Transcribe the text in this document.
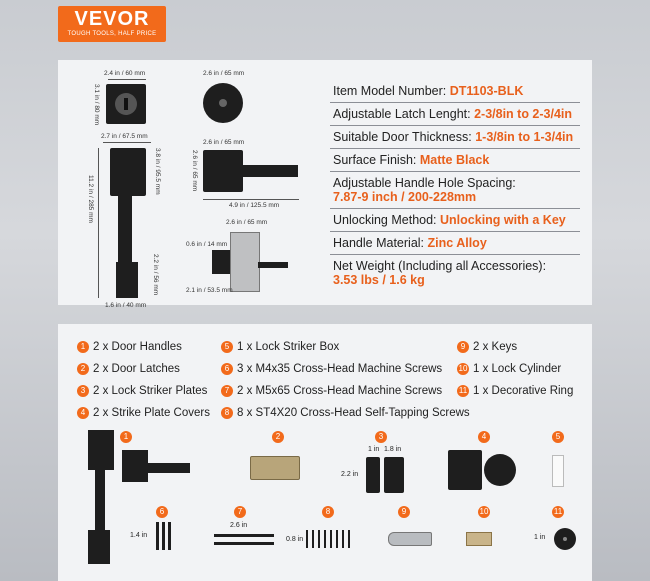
VEVOR
TOUGH TOOLS, HALF PRICE
2.4 in / 60 mm
3.1 in / 80 mm
2.6 in / 65 mm
2.7 in / 67.5 mm
3.8 in / 95.5 mm
11.2 in / 285 mm
2.2 in / 56 mm
1.6 in / 40 mm
2.6 in / 65 mm
2.6 in / 65 mm
4.9 in / 125.5 mm
2.6 in / 65 mm
0.6 in / 14 mm
2.1 in / 53.5 mm
Item Model Number: DT1103-BLK
Adjustable Latch Lenght: 2-3/8in to 2-3/4in
Suitable Door Thickness: 1-3/8in to 1-3/4in
Surface Finish: Matte Black
Adjustable Handle Hole Spacing:
7.87-9 inch / 200-228mm
Unlocking Method: Unlocking with a Key
Handle Material: Zinc Alloy
Net Weight (Including all Accessories):
3.53 lbs / 1.6 kg
1 2 x Door Handles
2 2 x Door Latches
3 2 x Lock Striker Plates
4 2 x Strike Plate Covers
5 1 x Lock Striker Box
6 3 x M4x35 Cross-Head Machine Screws
7 2 x M5x65 Cross-Head Machine Screws
8 8 x ST4X20 Cross-Head Self-Tapping Screws
9 2 x Keys
10 1 x Lock Cylinder
11 1 x Decorative Ring
1	2	3
1 in 1.8 in
2.2 in
4	5
6
1.4 in
7
2.6 in
8
0.8 in
9	10	11
1 in
